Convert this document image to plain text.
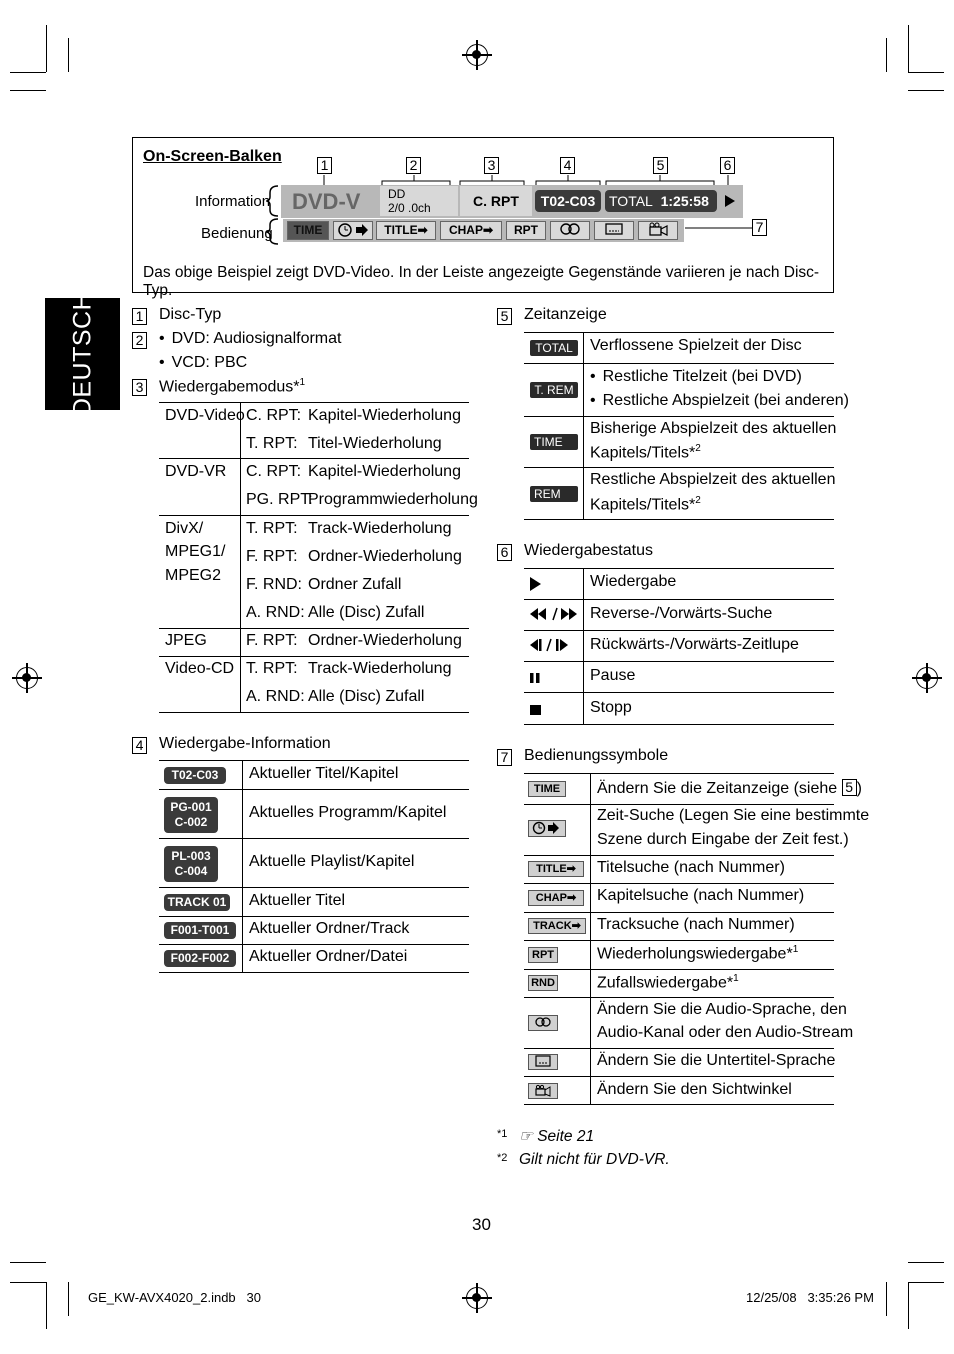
On-Screen-Balken
Information
Bedienung
Das obige Beispiel zeigt DVD-Video. In der Leiste angezeigte Gegenstände variieren je nach Disc-Typ.
1	2	3	4	5	6
7
DVD-V DD
2/0 .0ch	C. RPT	T02-C03 TOTAL 1:25:58
TIME	TITLE➡	CHAP➡	RPT
DEUTSCH	1 Disc-Typ
2
•	DVD: Audiosignalformat
• VCD: PBC
3 Wiedergabemodus*$^1$
DVD-Video C. RPT: Kapitel-Wiederholung
T. RPT: Titel-Wiederholung
DVD-VR C. RPT: Kapitel-Wiederholung
PG. RPT:
Programmwiederholung
DivX/	T. RPT: Track-Wiederholung
MPEG1/ F. RPT: Ordner-Wiederholung
MPEG2
F. RND: Ordner Zufall
A. RND: Alle (Disc) Zufall
JPEG F. RPT: Ordner-Wiederholung
Video-CD T. RPT: Track-Wiederholung
A. RND: Alle (Disc) Zufall
4 Wiedergabe-Information
T02-C03	Aktueller Titel/Kapitel
PG-001
C-002
Aktuelles Programm/Kapitel
PL-003
C-004
Aktuelle Playlist/Kapitel
TRACK 01 Aktueller Titel
F001-T001	Aktueller Ordner/Track
F002-F002	Aktueller Ordner/Datei
5 Zeitanzeige
TOTAL	Verflossene Spielzeit der Disc
T. REM
• Restliche Titelzeit (bei DVD)
• Restliche Abspielzeit (bei anderen)
TIME
Bisherige Abspielzeit des aktuellen
Kapitels/Titels*$^2$
REM
Restliche Abspielzeit des aktuellen
Kapitels/Titels*$^2$
6 Wiedergabestatus
Wiedergabe
Reverse-/Vorwärts-Suche
Rückwärts-/Vorwärts-Zeitlupe
Pause
Stopp
7 Bedienungssymbole
TIME	Ändern Sie die Zeitanzeige (siehe 5 )
Zeit-Suche (Legen Sie eine bestimmte
Szene durch Eingabe der Zeit fest.)
TITLE➡	Titelsuche (nach Nummer)
CHAP➡	Kapitelsuche (nach Nummer)
TRACK➡	Tracksuche (nach Nummer)
RPT	Wiederholungswiedergabe*$^1$
RND	Zufallswiedergabe*$^1$
Ändern Sie die Audio-Sprache, den
Audio-Kanal oder den Audio-Stream
Ändern Sie die Untertitel-Sprache
Ändern Sie den Sichtwinkel
*1 ☞ Seite 21
*2 Gilt nicht für DVD-VR.
30
GE_KW-AVX4020_2.indb   30	12/25/08   3:35:26 PM
